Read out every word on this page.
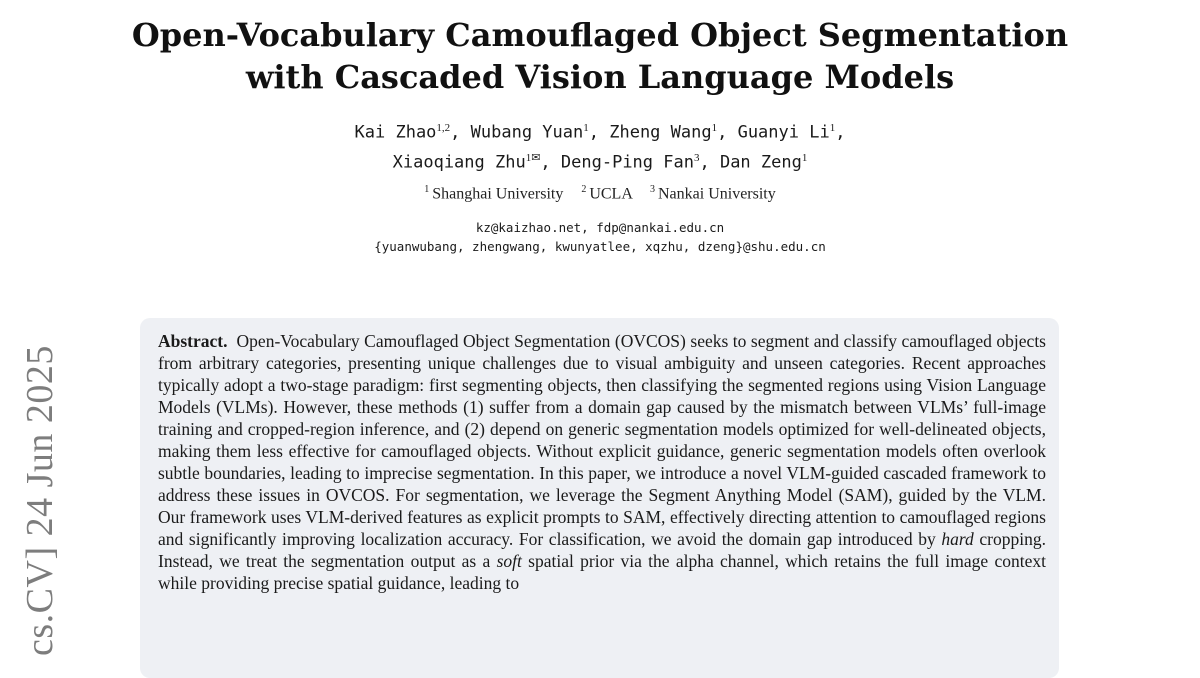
cs.CV] 24 Jun 2025
Open-Vocabulary Camouflaged Object Segmentation
with Cascaded Vision Language Models
Kai Zhao$^{1,2}$, Wubang Yuan$^1$, Zheng Wang$^1$, Guanyi Li$^1$,
Xiaoqiang Zhu$^{1✉}$, Deng-Ping Fan$^3$, Dan Zeng$^1$
$^1$ Shanghai University $^2$ UCLA $^3$ Nankai University
kz@kaizhao.net, fdp@nankai.edu.cn
{yuanwubang, zhengwang, kwunyatlee, xqzhu, dzeng}@shu.edu.cn
Abstract. Open-Vocabulary Camouflaged Object Segmentation (OVCOS) seeks to segment and classify camouflaged objects from arbitrary categories, presenting unique challenges due to visual ambiguity and unseen categories. Recent approaches typically adopt a two-stage paradigm: first segmenting objects, then classifying the segmented regions using Vision Language Models (VLMs). However, these methods (1) suffer from a domain gap caused by the mismatch between VLMs’ full-image training and cropped-region inference, and (2) depend on generic segmentation models optimized for well-delineated objects, making them less effective for camouflaged objects. Without explicit guidance, generic segmentation models often overlook subtle boundaries, leading to imprecise segmentation. In this paper, we introduce a novel VLM-guided cascaded framework to address these issues in OVCOS. For segmentation, we leverage the Segment Anything Model (SAM), guided by the VLM. Our framework uses VLM-derived features as explicit prompts to SAM, effectively directing attention to camouflaged regions and significantly improving localization accuracy. For classification, we avoid the domain gap introduced by hard cropping. Instead, we treat the segmentation output as a soft spatial prior via the alpha channel, which retains the full image context while providing precise spatial guidance, leading to
